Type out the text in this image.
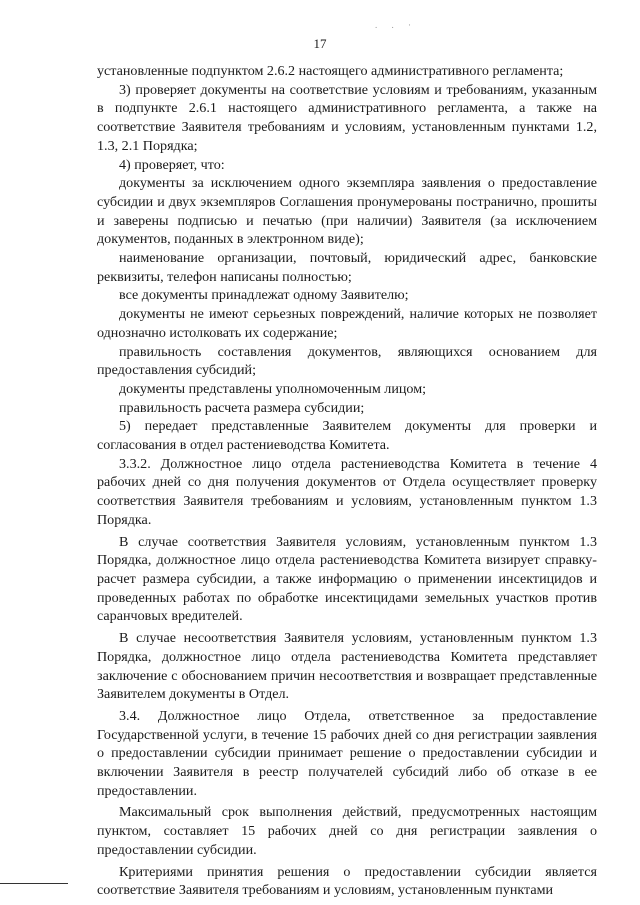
. . ·
17

установленные подпунктом 2.6.2 настоящего административного регламента;

3) проверяет документы на соответствие условиям и требованиям, указанным в подпункте 2.6.1 настоящего административного регламента, а также на соответствие Заявителя требованиям и условиям, установленным пунктами 1.2, 1.3, 2.1 Порядка;

4) проверяет, что:

документы за исключением одного экземпляра заявления о предоставление субсидии и двух экземпляров Соглашения пронумерованы постранично, прошиты и заверены подписью и печатью (при наличии) Заявителя (за исключением документов, поданных в электронном виде);

наименование организации, почтовый, юридический адрес, банковские реквизиты, телефон написаны полностью;

все документы принадлежат одному Заявителю;

документы не имеют серьезных повреждений, наличие которых не позволяет однозначно истолковать их содержание;

правильность составления документов, являющихся основанием для предоставления субсидий;

документы представлены уполномоченным лицом;

правильность расчета размера субсидии;

5) передает представленные Заявителем документы для проверки и согласования в отдел растениеводства Комитета.

3.3.2. Должностное лицо отдела растениеводства Комитета в течение 4 рабочих дней со дня получения документов от Отдела осуществляет проверку соответствия Заявителя требованиям и условиям, установленным пунктом 1.3 Порядка.

В случае соответствия Заявителя условиям, установленным пунктом 1.3 Порядка, должностное лицо отдела растениеводства Комитета визирует справку-расчет размера субсидии, а также информацию о применении инсектицидов и проведенных работах по обработке инсектицидами земельных участков против саранчовых вредителей.

В случае несоответствия Заявителя условиям, установленным пунктом 1.3 Порядка, должностное лицо отдела растениеводства Комитета представляет заключение с обоснованием причин несоответствия и возвращает представленные Заявителем документы в Отдел.

3.4. Должностное лицо Отдела, ответственное за предоставление Государственной услуги, в течение 15 рабочих дней со дня регистрации заявления о предоставлении субсидии принимает решение о предоставлении субсидии и включении Заявителя в реестр получателей субсидий либо об отказе в ее предоставлении.

Максимальный срок выполнения действий, предусмотренных настоящим пунктом, составляет 15 рабочих дней со дня регистрации заявления о предоставлении субсидии.

Критериями принятия решения о предоставлении субсидии является соответствие Заявителя требованиям и условиям, установленным пунктами
